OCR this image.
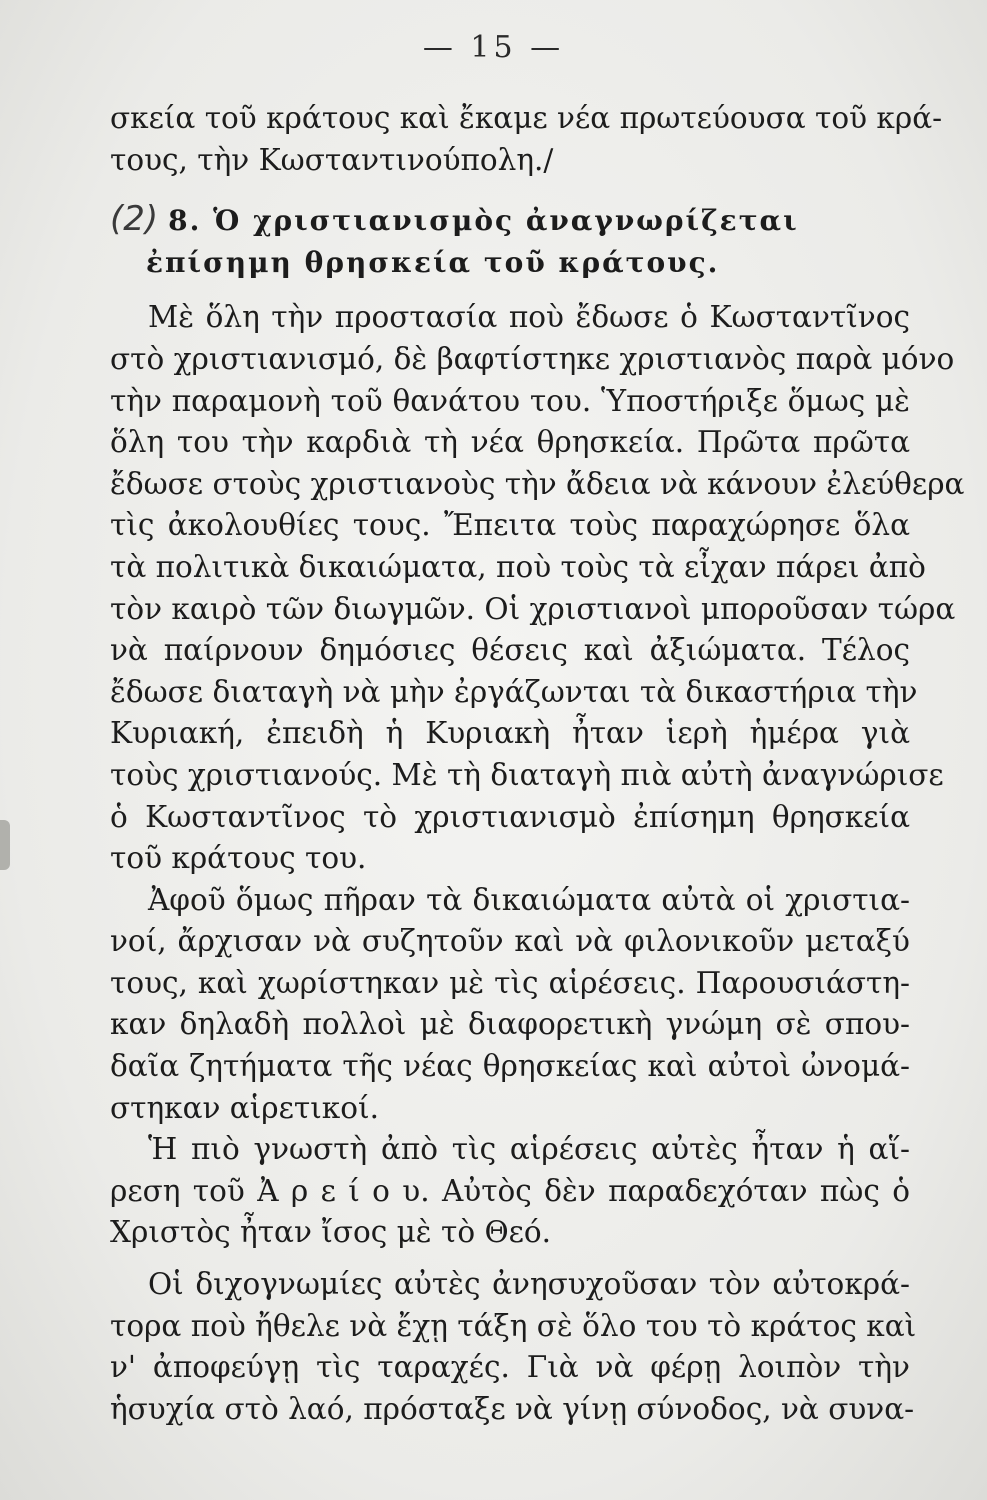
— 15 —
σκεία τοῦ κράτους καὶ ἔκαμε νέα πρωτεύουσα τοῦ κρά-
τους, τὴν Κωσταντινούπολη./
(2) 8. Ὁ χριστιανισμὸς ἀναγνωρίζεται
ἐπίσημη θρησκεία τοῦ κράτους.
Μὲ ὅλη τὴν προστασία ποὺ ἔδωσε ὁ Κωσταντῖνος
στὸ χριστιανισμό, δὲ βαφτίστηκε χριστιανὸς παρὰ μόνο
τὴν παραμονὴ τοῦ θανάτου του. Ὑποστήριξε ὅμως μὲ
ὅλη του τὴν καρδιὰ τὴ νέα θρησκεία. Πρῶτα πρῶτα
ἔδωσε στοὺς χριστιανοὺς τὴν ἄδεια νὰ κάνουν ἐλεύθερα
τὶς ἀκολουθίες τους. Ἔπειτα τοὺς παραχώρησε ὅλα
τὰ πολιτικὰ δικαιώματα, ποὺ τοὺς τὰ εἶχαν πάρει ἀπὸ
τὸν καιρὸ τῶν διωγμῶν. Οἱ χριστιανοὶ μποροῦσαν τώρα
νὰ παίρνουν δημόσιες θέσεις καὶ ἀξιώματα. Τέλος
ἔδωσε διαταγὴ νὰ μὴν ἐργάζωνται τὰ δικαστήρια τὴν
Κυριακή, ἐπειδὴ ἡ Κυριακὴ ἦταν ἱερὴ ἡμέρα γιὰ
τοὺς χριστιανούς. Μὲ τὴ διαταγὴ πιὰ αὐτὴ ἀναγνώρισε
ὁ Κωσταντῖνος τὸ χριστιανισμὸ ἐπίσημη θρησκεία
τοῦ κράτους του.
Ἀφοῦ ὅμως πῆραν τὰ δικαιώματα αὐτὰ οἱ χριστια-
νοί, ἄρχισαν νὰ συζητοῦν καὶ νὰ φιλονικοῦν μεταξύ
τους, καὶ χωρίστηκαν μὲ τὶς αἱρέσεις. Παρουσιάστη-
καν δηλαδὴ πολλοὶ μὲ διαφορετικὴ γνώμη σὲ σπου-
δαῖα ζητήματα τῆς νέας θρησκείας καὶ αὐτοὶ ὠνομά-
στηκαν αἱρετικοί.
Ἡ πιὸ γνωστὴ ἀπὸ τὶς αἱρέσεις αὐτὲς ἦταν ἡ αἵ-
ρεση τοῦ Ἀ ρ ε ί ο υ. Αὐτὸς δὲν παραδεχόταν πὼς ὁ
Χριστὸς ἦταν ἴσος μὲ τὸ Θεό.
Οἱ διχογνωμίες αὐτὲς ἀνησυχοῦσαν τὸν αὐτοκρά-
τορα ποὺ ἤθελε νὰ ἔχῃ τάξη σὲ ὅλο του τὸ κράτος καὶ
ν' ἀποφεύγῃ τὶς ταραχές. Γιὰ νὰ φέρῃ λοιπὸν τὴν
ἡσυχία στὸ λαό, πρόσταξε νὰ γίνῃ σύνοδος, νὰ συνα-
